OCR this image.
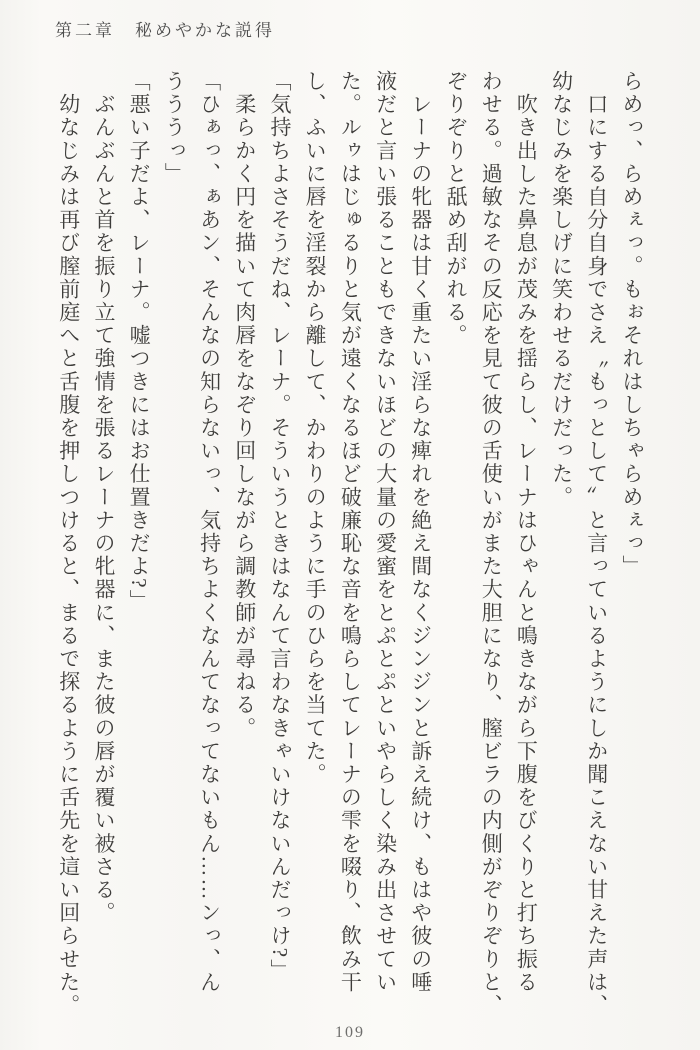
第二章　秘めやかな説得
らめっ、らめぇっ。もぉそれはしちゃらめぇっ」
　口にする自分自身でさえ〝もっとして〟と言っているようにしか聞こえない甘えた声は、
幼なじみを楽しげに笑わせるだけだった。
　吹き出した鼻息が茂みを揺らし、レーナはひゃんと鳴きながら下腹をびくりと打ち振る
わせる。過敏なその反応を見て彼の舌使いがまた大胆になり、膣ビラの内側がぞりぞりと、
ぞりぞりと舐め刮がれる。
　レーナの牝器は甘く重たい淫らな痺れを絶え間なくジンジンと訴え続け、もはや彼の唾
液だと言い張ることもできないほどの大量の愛蜜をとぷとぷといやらしく染み出させてい
た。ルゥはじゅるりと気が遠くなるほど破廉恥な音を鳴らしてレーナの雫を啜り、飲み干
し、ふいに唇を淫裂から離して、かわりのように手のひらを当てた。
「気持ちよさそうだね、レーナ。そういうときはなんて言わなきゃいけないんだっけ?」
　柔らかく円を描いて肉唇をなぞり回しながら調教師が尋ねる。
「ひぁっ、ぁあン、そんなの知らないっ、気持ちよくなんてなってないもん……ンっ、ん
うううっ」
「悪い子だよ、レーナ。嘘つきにはお仕置きだよ?」
　ぶんぶんと首を振り立て強情を張るレーナの牝器に、また彼の唇が覆い被さる。
　幼なじみは再び膣前庭へと舌腹を押しつけると、まるで探るように舌先を這い回らせた。
109
